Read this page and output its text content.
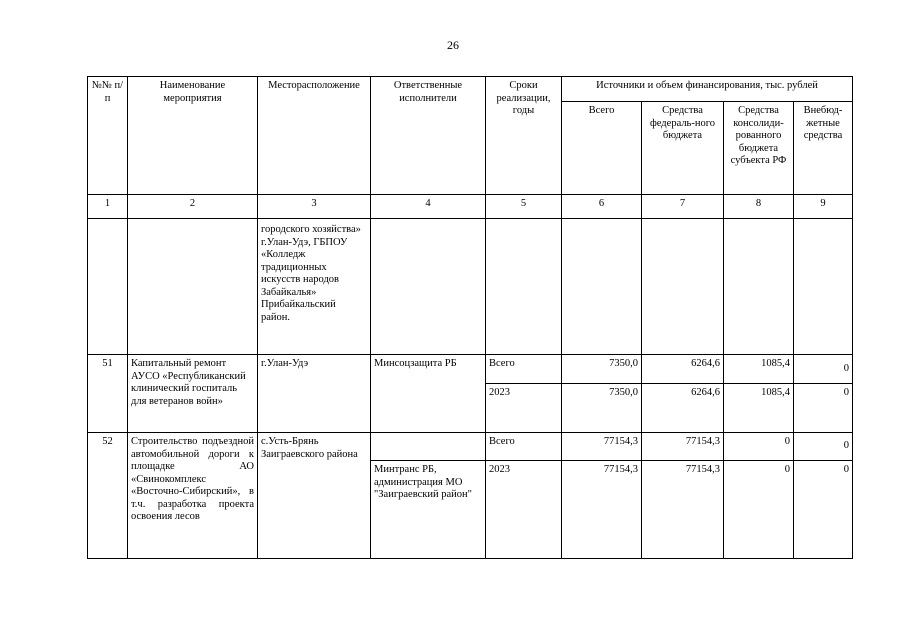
26
№№ п/п	Наименование мероприятия	Месторасположение	Ответственные исполнители	Сроки реализации, годы	Источники и объем финансирования, тыс. рублей			
					Всего	Средства федераль-ного бюджета	Средства консолиди-рованного бюджета субъекта РФ	Внебюд-жетные средства
1	2	3	4	5	6	7	8	9
		городского хозяйства» г.Улан-Удэ, ГБПОУ «Колледж традиционных искусств народов Забайкалья» Прибайкальский район.						
51	Капитальный ремонт АУСО «Республиканский клинический госпиталь для ветеранов войн»	г.Улан-Удэ	Минсоцзащита РБ	Всего	7350,0	6264,6	1085,4	0
				2023	7350,0	6264,6	1085,4	0
52	Строительство подъездной автомобильной дороги к площадке АО «Свинокомплекс «Восточно-Сибирский», в т.ч. разработка проекта освоения лесов	с.Усть-Брянь Заиграевского района		Всего	77154,3	77154,3	0	0
			Минтранс РБ, администрация МО "Заиграевский район"	2023	77154,3	77154,3	0	0
